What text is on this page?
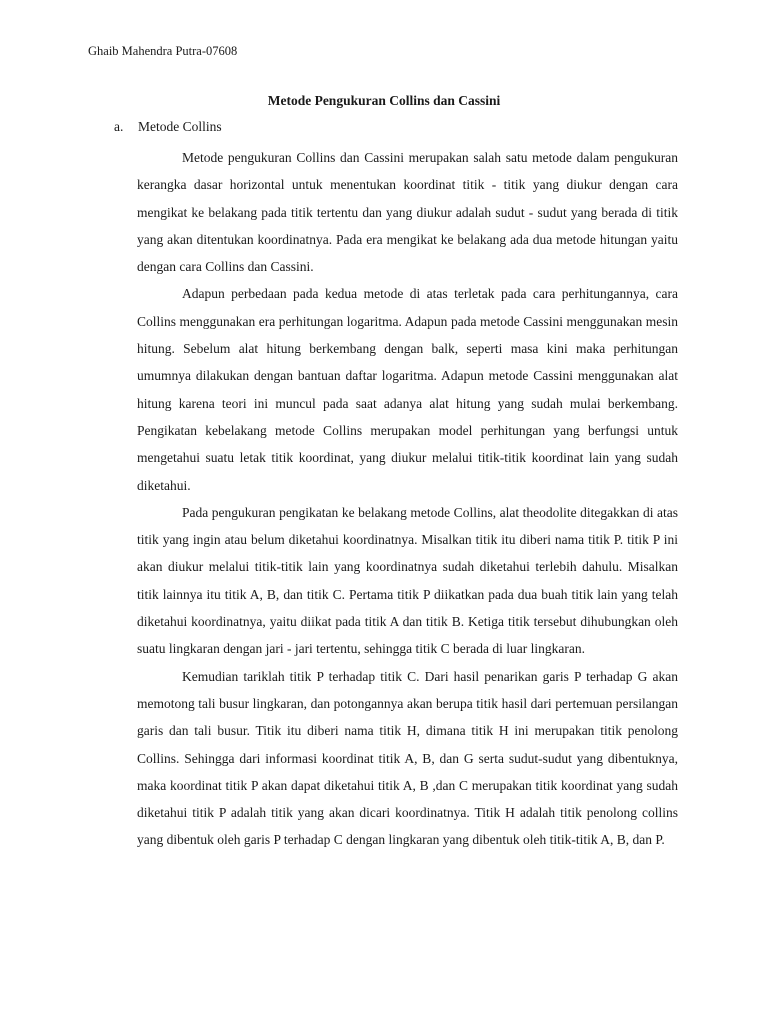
Ghaib Mahendra Putra-07608
Metode Pengukuran Collins dan Cassini
a. Metode Collins

Metode pengukuran Collins dan Cassini merupakan salah satu metode dalam pengukuran kerangka dasar horizontal untuk menentukan koordinat titik - titik yang diukur dengan cara mengikat ke belakang pada titik tertentu dan yang diukur adalah sudut - sudut yang berada di titik yang akan ditentukan koordinatnya. Pada era mengikat ke belakang ada dua metode hitungan yaitu dengan cara Collins dan Cassini.

Adapun perbedaan pada kedua metode di atas terletak pada cara perhitungannya, cara Collins menggunakan era perhitungan logaritma. Adapun pada metode Cassini menggunakan mesin hitung. Sebelum alat hitung berkembang dengan balk, seperti masa kini maka perhitungan umumnya dilakukan dengan bantuan daftar logaritma. Adapun metode Cassini menggunakan alat hitung karena teori ini muncul pada saat adanya alat hitung yang sudah mulai berkembang. Pengikatan kebelakang metode Collins merupakan model perhitungan yang berfungsi untuk mengetahui suatu letak titik koordinat, yang diukur melalui titik-titik koordinat lain yang sudah diketahui.

Pada pengukuran pengikatan ke belakang metode Collins, alat theodolite ditegakkan di atas titik yang ingin atau belum diketahui koordinatnya. Misalkan titik itu diberi nama titik P. titik P ini akan diukur melalui titik-titik lain yang koordinatnya sudah diketahui terlebih dahulu. Misalkan titik lainnya itu titik A, B, dan titik C. Pertama titik P diikatkan pada dua buah titik lain yang telah diketahui koordinatnya, yaitu diikat pada titik A dan titik B. Ketiga titik tersebut dihubungkan oleh suatu lingkaran dengan jari - jari tertentu, sehingga titik C berada di luar lingkaran.

Kemudian tariklah titik P terhadap titik C. Dari hasil penarikan garis P terhadap G akan memotong tali busur lingkaran, dan potongannya akan berupa titik hasil dari pertemuan persilangan garis dan tali busur. Titik itu diberi nama titik H, dimana titik H ini merupakan titik penolong Collins. Sehingga dari informasi koordinat titik A, B, dan G serta sudut-sudut yang dibentuknya, maka koordinat titik P akan dapat diketahui titik A, B ,dan C merupakan titik koordinat yang sudah diketahui titik P adalah titik yang akan dicari koordinatnya. Titik H adalah titik penolong collins yang dibentuk oleh garis P terhadap C dengan lingkaran yang dibentuk oleh titik-titik A, B, dan P.
